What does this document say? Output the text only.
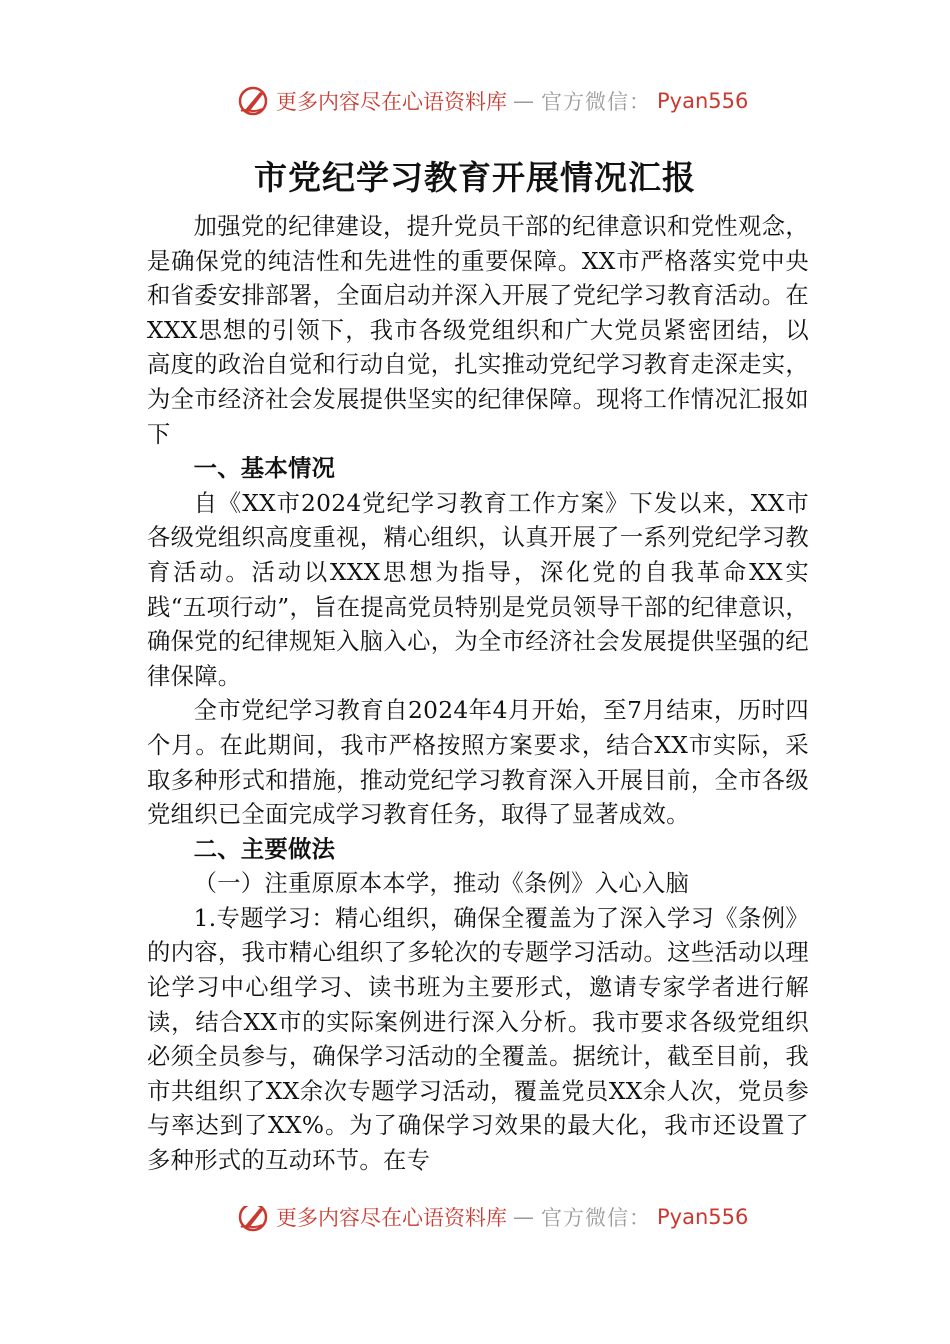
更多内容尽在心语资料库 — 官方微信： Pyan556
市党纪学习教育开展情况汇报

加强党的纪律建设，提升党员干部的纪律意识和党性观念，是确保党的纯洁性和先进性的重要保障。XX市严格落实党中央和省委安排部署，全面启动并深入开展了党纪学习教育活动。在XXX思想的引领下，我市各级党组织和广大党员紧密团结，以高度的政治自觉和行动自觉，扎实推动党纪学习教育走深走实，为全市经济社会发展提供坚实的纪律保障。现将工作情况汇报如下

一、基本情况

自《XX市2024党纪学习教育工作方案》下发以来，XX市各级党组织高度重视，精心组织，认真开展了一系列党纪学习教育活动。活动以XXX思想为指导，深化党的自我革命XX实践“五项行动”，旨在提高党员特别是党员领导干部的纪律意识，确保党的纪律规矩入脑入心，为全市经济社会发展提供坚强的纪律保障。

全市党纪学习教育自2024年4月开始，至7月结束，历时四个月。在此期间，我市严格按照方案要求，结合XX市实际，采取多种形式和措施，推动党纪学习教育深入开展目前，全市各级党组织已全面完成学习教育任务，取得了显著成效。

二、主要做法

（一）注重原原本本学，推动《条例》入心入脑

1.专题学习：精心组织，确保全覆盖为了深入学习《条例》的内容，我市精心组织了多轮次的专题学习活动。这些活动以理论学习中心组学习、读书班为主要形式，邀请专家学者进行解读，结合XX市的实际案例进行深入分析。我市要求各级党组织必须全员参与，确保学习活动的全覆盖。据统计，截至目前，我市共组织了XX余次专题学习活动，覆盖党员XX余人次，党员参与率达到了XX%。为了确保学习效果的最大化，我市还设置了多种形式的互动环节。在专

更多内容尽在心语资料库 — 官方微信： Pyan556
